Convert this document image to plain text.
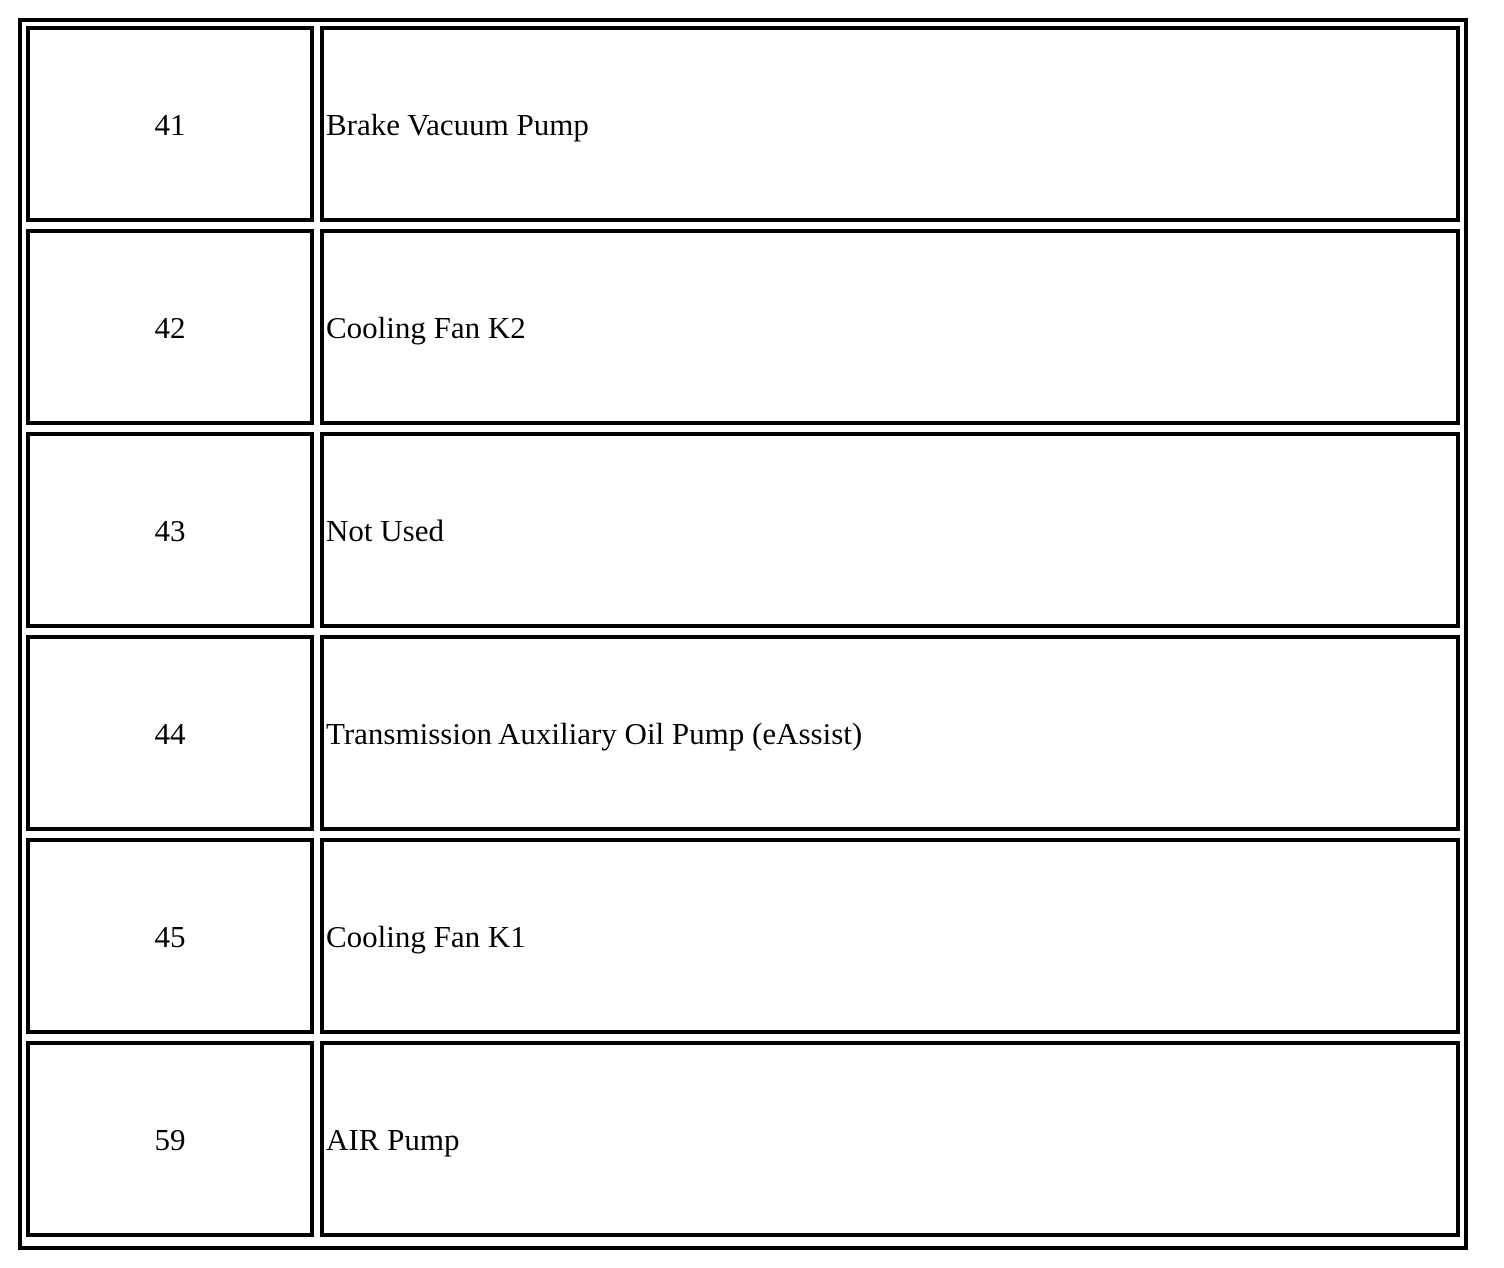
41	Brake Vacuum Pump
42	Cooling Fan K2
43	Not Used
44	Transmission Auxiliary Oil Pump (eAssist)
45	Cooling Fan K1
59	AIR Pump
